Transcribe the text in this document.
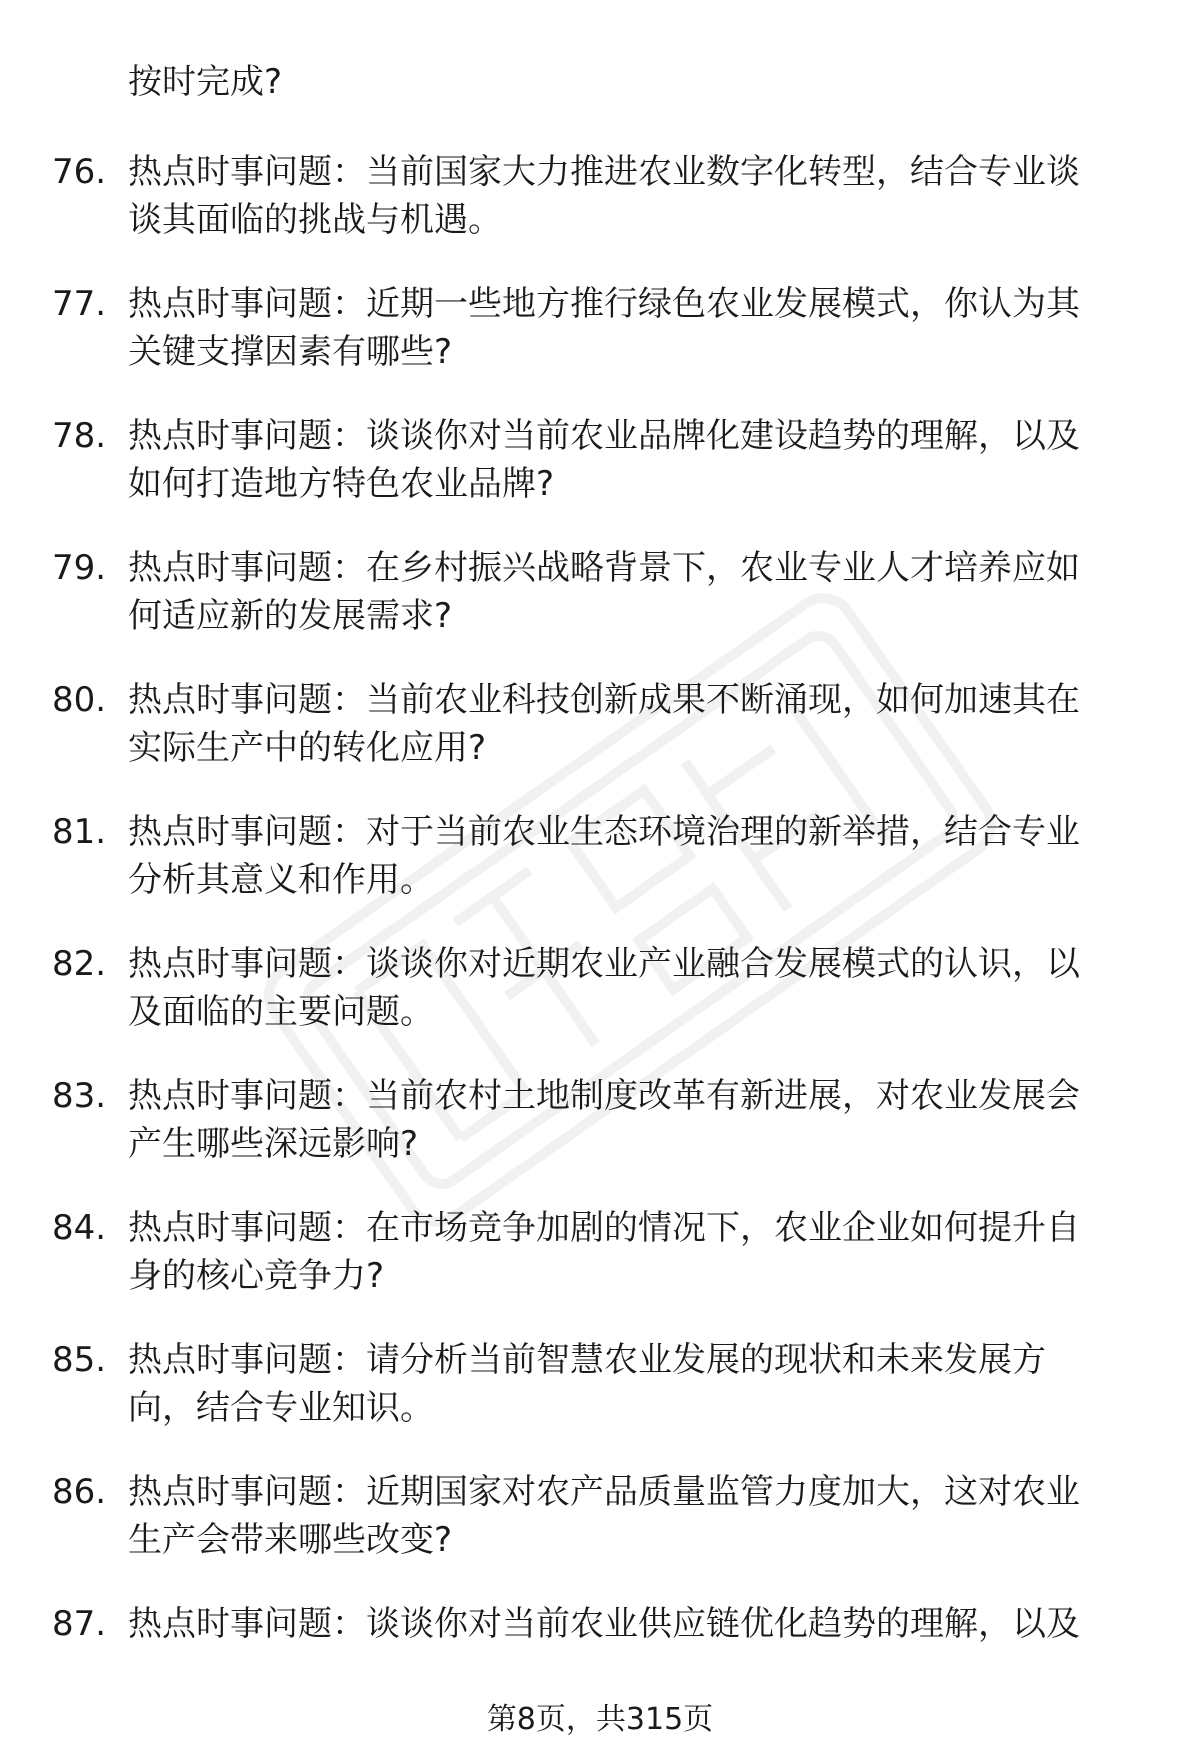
按时完成?
76. 热点时事问题：当前国家大力推进农业数字化转型，结合专业谈
谈其面临的挑战与机遇。
77. 热点时事问题：近期一些地方推行绿色农业发展模式，你认为其
关键支撑因素有哪些?
78. 热点时事问题：谈谈你对当前农业品牌化建设趋势的理解，以及
如何打造地方特色农业品牌?
79. 热点时事问题：在乡村振兴战略背景下，农业专业人才培养应如
何适应新的发展需求?
80. 热点时事问题：当前农业科技创新成果不断涌现，如何加速其在
实际生产中的转化应用?
81. 热点时事问题：对于当前农业生态环境治理的新举措，结合专业
分析其意义和作用。
82. 热点时事问题：谈谈你对近期农业产业融合发展模式的认识，以
及面临的主要问题。
83. 热点时事问题：当前农村土地制度改革有新进展，对农业发展会
产生哪些深远影响?
84. 热点时事问题：在市场竞争加剧的情况下，农业企业如何提升自
身的核心竞争力?
85. 热点时事问题：请分析当前智慧农业发展的现状和未来发展方
向，结合专业知识。
86. 热点时事问题：近期国家对农产品质量监管力度加大，这对农业
生产会带来哪些改变?
87. 热点时事问题：谈谈你对当前农业供应链优化趋势的理解，以及
第8页，共315页
